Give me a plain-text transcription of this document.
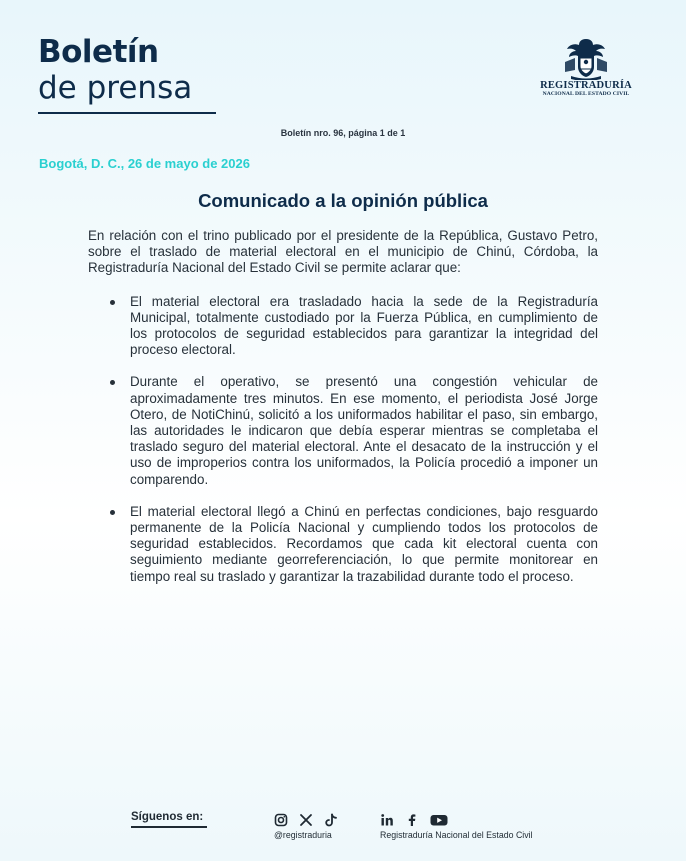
Boletín
de prensa	REGISTRADURÍA
NACIONAL DEL ESTADO CIVIL
Boletín nro. 96, página 1 de 1
Bogotá, D. C., 26 de mayo de 2026
Comunicado a la opinión pública

En relación con el trino publicado por el presidente de la República, Gustavo Petro, sobre el traslado de material electoral en el municipio de Chinú, Córdoba, la Registraduría Nacional del Estado Civil se permite aclarar que:

El material electoral era trasladado hacia la sede de la Registraduría Municipal, totalmente custodiado por la Fuerza Pública, en cumplimiento de los protocolos de seguridad establecidos para garantizar la integridad del proceso electoral.
Durante el operativo, se presentó una congestión vehicular de aproximadamente tres minutos. En ese momento, el periodista José Jorge Otero, de NotiChinú, solicitó a los uniformados habilitar el paso, sin embargo, las autoridades le indicaron que debía esperar mientras se completaba el traslado seguro del material electoral. Ante el desacato de la instrucción y el uso de improperios contra los uniformados, la Policía procedió a imponer un comparendo.
El material electoral llegó a Chinú en perfectas condiciones, bajo resguardo permanente de la Policía Nacional y cumpliendo todos los protocolos de seguridad establecidos. Recordamos que cada kit electoral cuenta con seguimiento mediante georreferenciación, lo que permite monitorear en tiempo real su traslado y garantizar la trazabilidad durante todo el proceso.
Síguenos en:
@registraduria	Registraduría Nacional del Estado Civil
